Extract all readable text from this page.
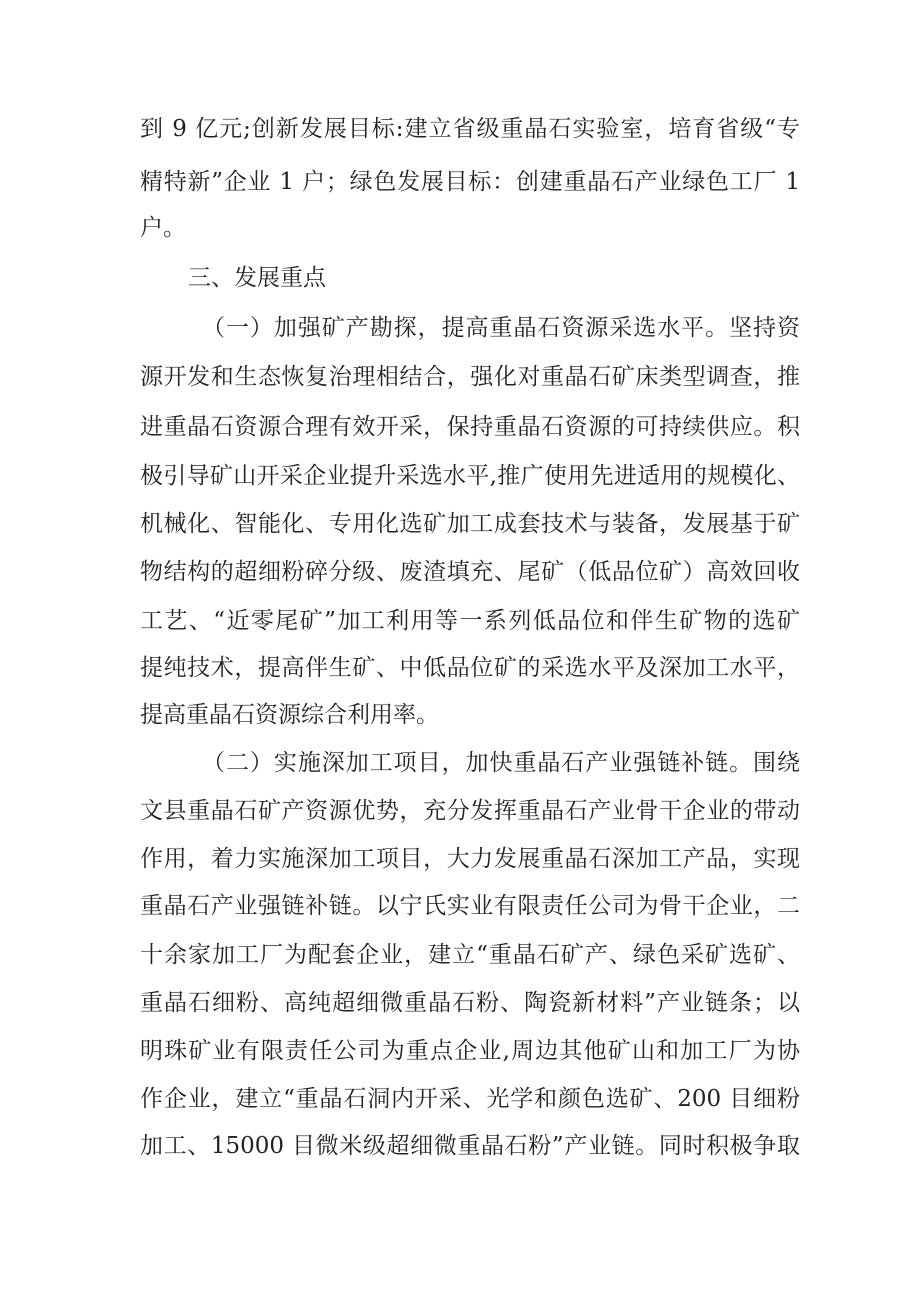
到 9 亿元;创新发展目标:建立省级重晶石实验室，培育省级“专
精特新”企业 1 户；绿色发展目标：创建重晶石产业绿色工厂 1
户。
三、发展重点
（一）加强矿产勘探，提高重晶石资源采选水平。坚持资
源开发和生态恢复治理相结合，强化对重晶石矿床类型调查，推
进重晶石资源合理有效开采，保持重晶石资源的可持续供应。积
极引导矿山开采企业提升采选水平,推广使用先进适用的规模化、
机械化、智能化、专用化选矿加工成套技术与装备，发展基于矿
物结构的超细粉碎分级、废渣填充、尾矿（低品位矿）高效回收
工艺、“近零尾矿”加工利用等一系列低品位和伴生矿物的选矿
提纯技术，提高伴生矿、中低品位矿的采选水平及深加工水平，
提高重晶石资源综合利用率。
（二）实施深加工项目，加快重晶石产业强链补链。围绕
文县重晶石矿产资源优势，充分发挥重晶石产业骨干企业的带动
作用，着力实施深加工项目，大力发展重晶石深加工产品，实现
重晶石产业强链补链。以宁氏实业有限责任公司为骨干企业，二
十余家加工厂为配套企业，建立“重晶石矿产、绿色采矿选矿、
重晶石细粉、高纯超细微重晶石粉、陶瓷新材料”产业链条；以
明珠矿业有限责任公司为重点企业,周边其他矿山和加工厂为协
作企业，建立“重晶石洞内开采、光学和颜色选矿、200 目细粉
加工、15000 目微米级超细微重晶石粉”产业链。同时积极争取
